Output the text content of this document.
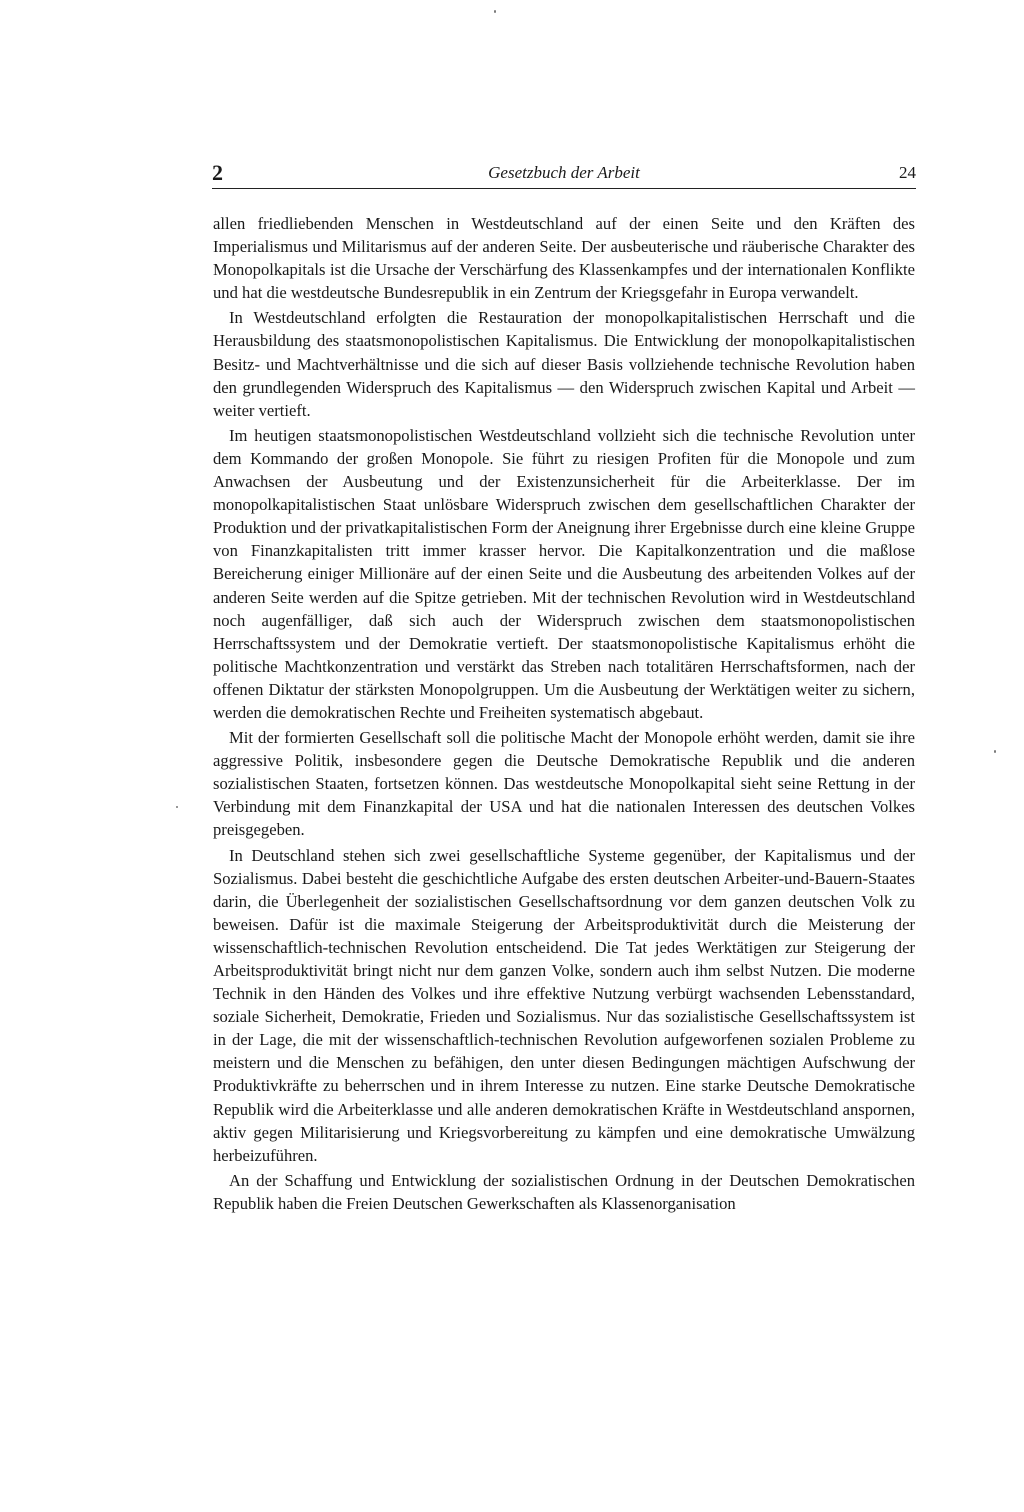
2	Gesetzbuch der Arbeit	24

allen friedliebenden Menschen in Westdeutschland auf der einen Seite und den Kräften des Imperialismus und Militarismus auf der anderen Seite. Der ausbeuterische und räuberische Charakter des Monopolkapitals ist die Ursache der Verschärfung des Klassenkampfes und der internationalen Konflikte und hat die westdeutsche Bundesrepublik in ein Zentrum der Kriegsgefahr in Europa verwandelt.

In Westdeutschland erfolgten die Restauration der monopolkapitalistischen Herrschaft und die Herausbildung des staatsmonopolistischen Kapitalismus. Die Entwicklung der monopolkapitalistischen Besitz- und Machtverhältnisse und die sich auf dieser Basis vollziehende technische Revolution haben den grundlegenden Widerspruch des Kapitalismus — den Widerspruch zwischen Kapital und Arbeit — weiter vertieft.

Im heutigen staatsmonopolistischen Westdeutschland vollzieht sich die technische Revolution unter dem Kommando der großen Monopole. Sie führt zu riesigen Profiten für die Monopole und zum Anwachsen der Ausbeutung und der Existenzunsicherheit für die Arbeiterklasse. Der im monopolkapitalistischen Staat unlösbare Widerspruch zwischen dem gesellschaftlichen Charakter der Produktion und der privatkapitalistischen Form der Aneignung ihrer Ergebnisse durch eine kleine Gruppe von Finanzkapitalisten tritt immer krasser hervor. Die Kapitalkonzentration und die maßlose Bereicherung einiger Millionäre auf der einen Seite und die Ausbeutung des arbeitenden Volkes auf der anderen Seite werden auf die Spitze getrieben. Mit der technischen Revolution wird in Westdeutschland noch augenfälliger, daß sich auch der Widerspruch zwischen dem staatsmonopolistischen Herrschaftssystem und der Demokratie vertieft. Der staatsmonopolistische Kapitalismus erhöht die politische Machtkonzentration und verstärkt das Streben nach totalitären Herrschaftsformen, nach der offenen Diktatur der stärksten Monopolgruppen. Um die Ausbeutung der Werktätigen weiter zu sichern, werden die demokratischen Rechte und Freiheiten systematisch abgebaut.

Mit der formierten Gesellschaft soll die politische Macht der Monopole erhöht werden, damit sie ihre aggressive Politik, insbesondere gegen die Deutsche Demokratische Republik und die anderen sozialistischen Staaten, fortsetzen können. Das westdeutsche Monopolkapital sieht seine Rettung in der Verbindung mit dem Finanzkapital der USA und hat die nationalen Interessen des deutschen Volkes preisgegeben.

In Deutschland stehen sich zwei gesellschaftliche Systeme gegenüber, der Kapitalismus und der Sozialismus. Dabei besteht die geschichtliche Aufgabe des ersten deutschen Arbeiter-und-Bauern-Staates darin, die Überlegenheit der sozialistischen Gesellschaftsordnung vor dem ganzen deutschen Volk zu beweisen. Dafür ist die maximale Steigerung der Arbeitsproduktivität durch die Meisterung der wissenschaftlich-technischen Revolution entscheidend. Die Tat jedes Werktätigen zur Steigerung der Arbeitsproduktivität bringt nicht nur dem ganzen Volke, sondern auch ihm selbst Nutzen. Die moderne Technik in den Händen des Volkes und ihre effektive Nutzung verbürgt wachsenden Lebensstandard, soziale Sicherheit, Demokratie, Frieden und Sozialismus. Nur das sozialistische Gesellschaftssystem ist in der Lage, die mit der wissenschaftlich-technischen Revolution aufgeworfenen sozialen Probleme zu meistern und die Menschen zu befähigen, den unter diesen Bedingungen mächtigen Aufschwung der Produktivkräfte zu beherrschen und in ihrem Interesse zu nutzen. Eine starke Deutsche Demokratische Republik wird die Arbeiterklasse und alle anderen demokratischen Kräfte in Westdeutschland anspornen, aktiv gegen Militarisierung und Kriegsvorbereitung zu kämpfen und eine demokratische Umwälzung herbeizuführen.

An der Schaffung und Entwicklung der sozialistischen Ordnung in der Deutschen Demokratischen Republik haben die Freien Deutschen Gewerkschaften als Klassenorganisation
